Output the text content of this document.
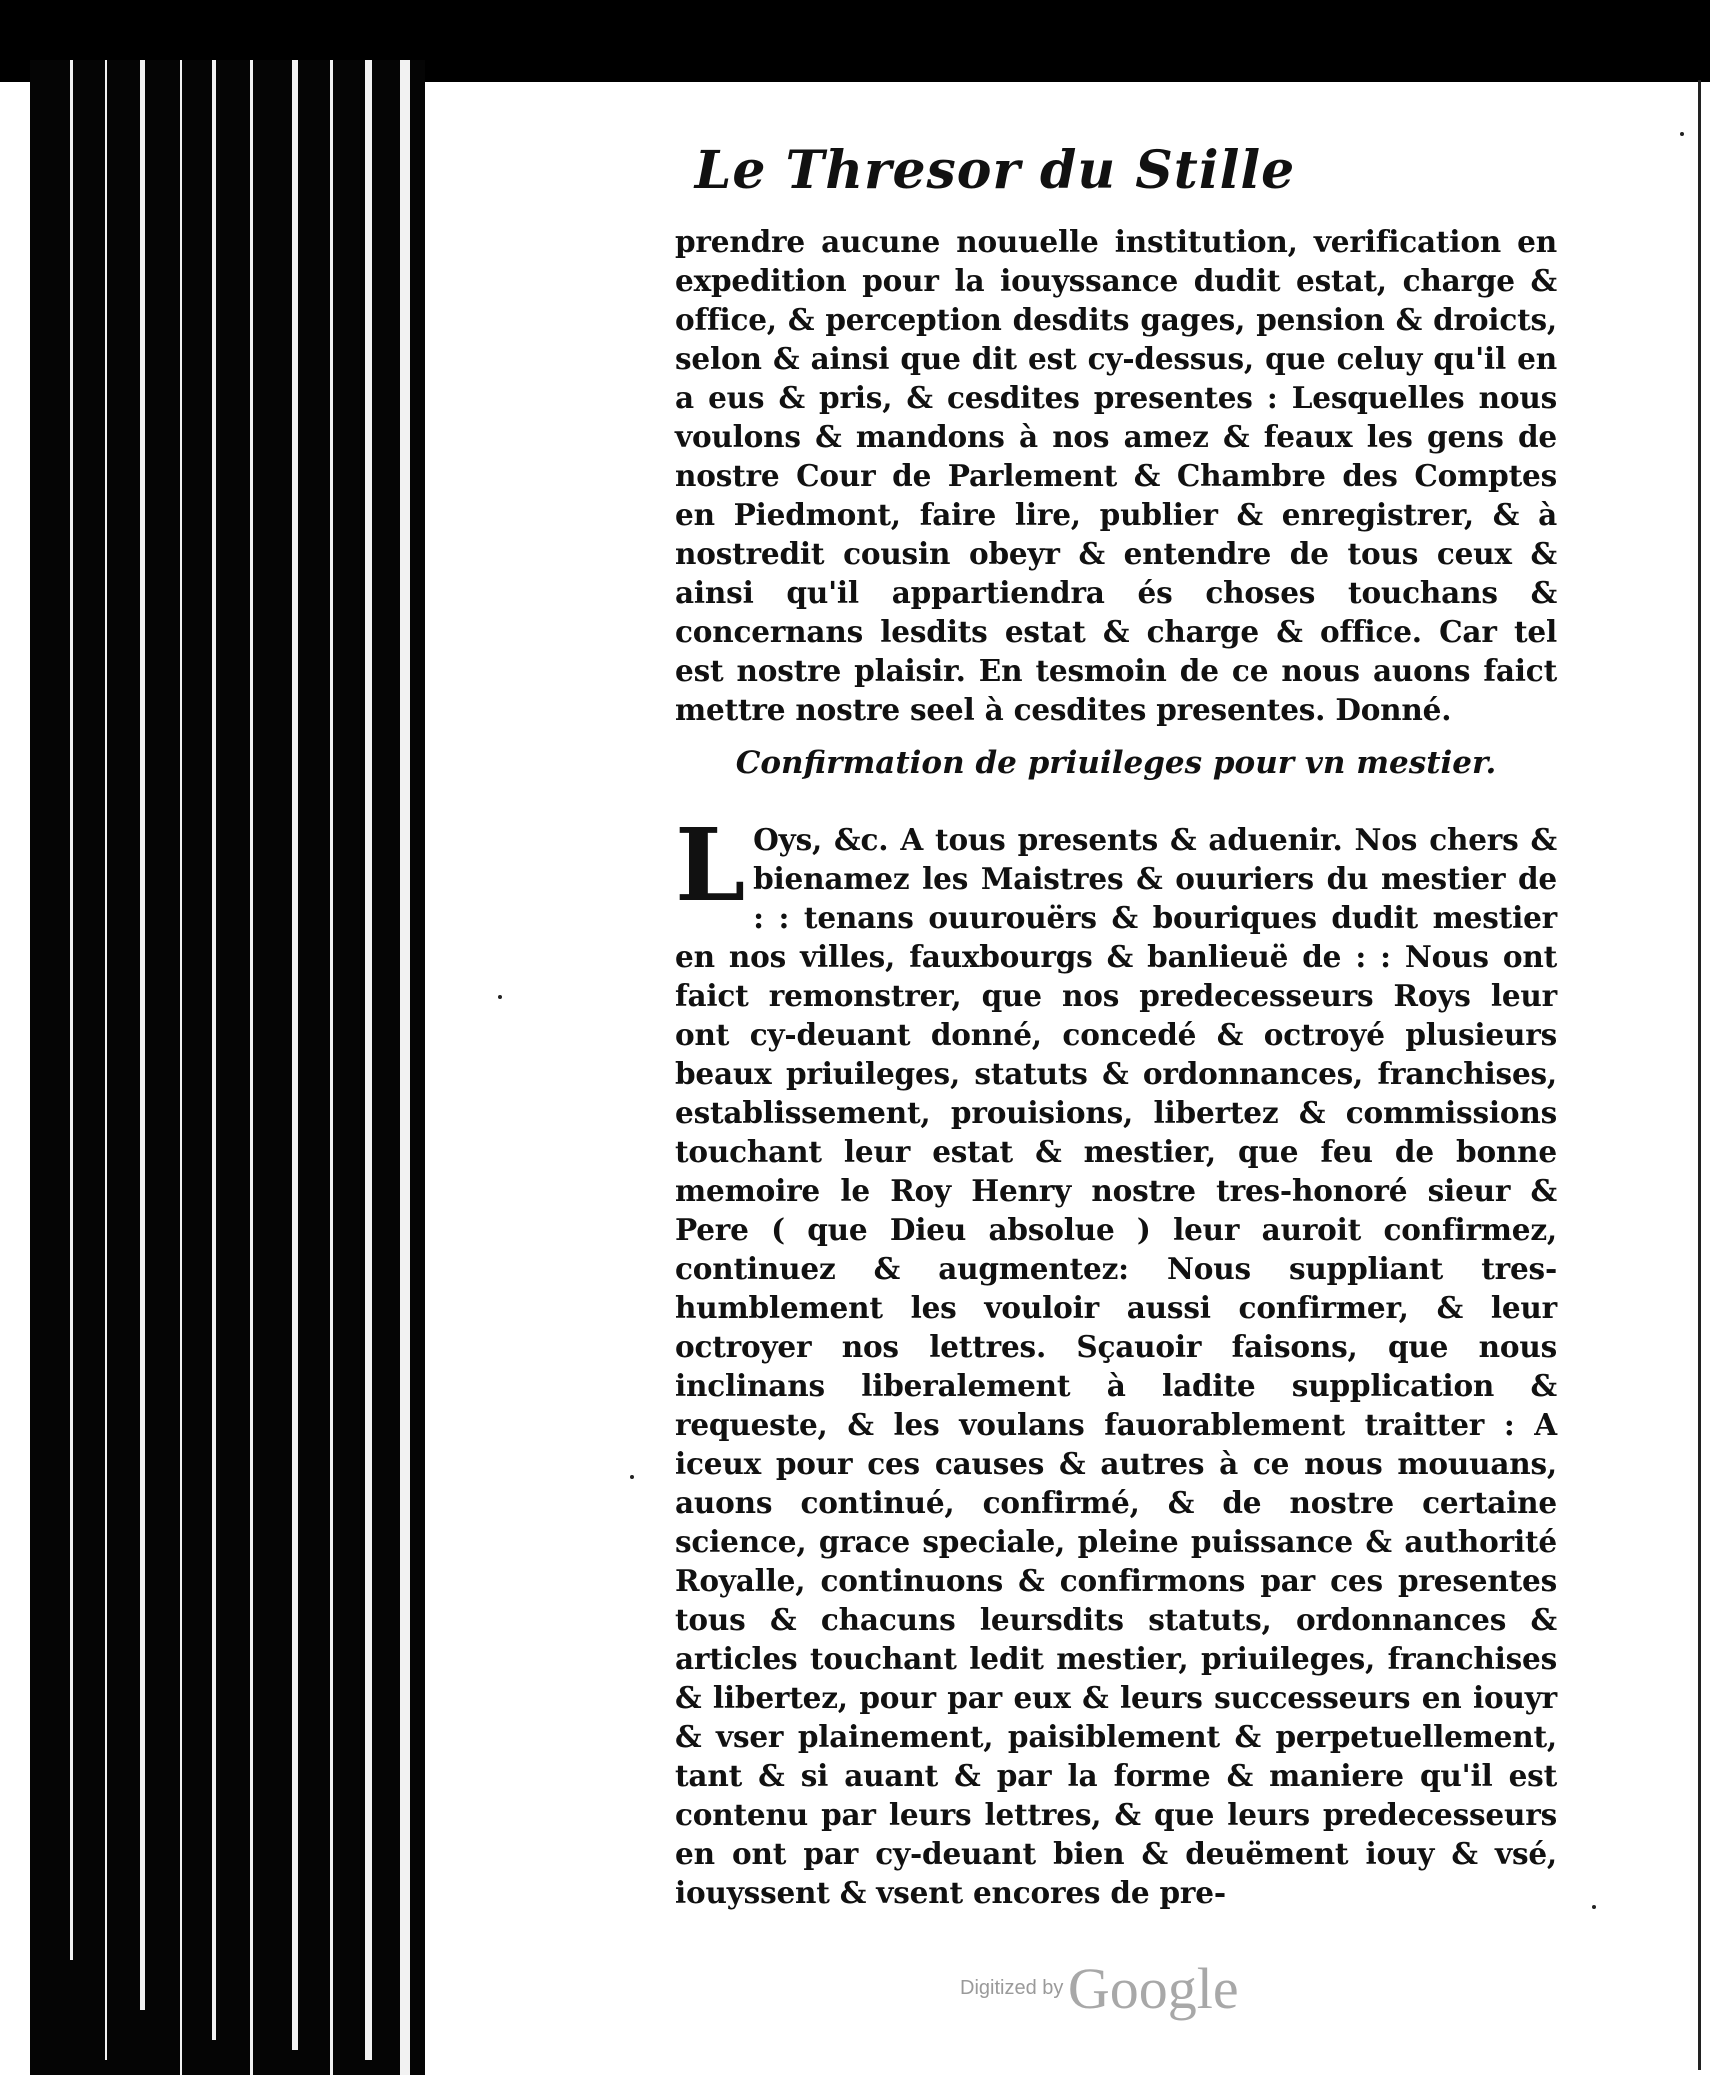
Le Thresor du Stille

prendre aucune nouuelle institution, verification en expedition pour la iouyssance dudit estat, charge & office, & perception desdits gages, pension & droicts, selon & ainsi que dit est cy-dessus, que celuy qu'il en a eus & pris, & cesdites presentes : Lesquelles nous voulons & mandons à nos amez & feaux les gens de nostre Cour de Parlement & Chambre des Comptes en Piedmont, faire lire, publier & enregistrer, & à nostredit cousin obeyr & entendre de tous ceux & ainsi qu'il appartiendra és choses touchans & concernans lesdits estat & charge & office. Car tel est nostre plaisir. En tesmoin de ce nous auons faict mettre nostre seel à cesdites presentes. Donné.

Confirmation de priuileges pour vn mestier.

L Oys, &c. A tous presents & aduenir. Nos chers & bienamez les Maistres & ouuriers du mestier de : : tenans ouurouërs & bouriques dudit mestier en nos villes, fauxbourgs & banlieuë de : : Nous ont faict remonstrer, que nos predecesseurs Roys leur ont cy-deuant donné, concedé & octroyé plusieurs beaux priuileges, statuts & ordonnances, franchises, establissement, prouisions, libertez & commissions touchant leur estat & mestier, que feu de bonne memoire le Roy Henry nostre tres-honoré sieur & Pere ( que Dieu absolue ) leur auroit confirmez, continuez & augmentez: Nous suppliant tres-humblement les vouloir aussi confirmer, & leur octroyer nos lettres. Sçauoir faisons, que nous inclinans liberalement à ladite supplication & requeste, & les voulans fauorablement traitter : A iceux pour ces causes & autres à ce nous mouuans, auons continué, confirmé, & de nostre certaine science, grace speciale, pleine puissance & authorité Royalle, continuons & confirmons par ces presentes tous & chacuns leursdits statuts, ordonnances & articles touchant ledit mestier, priuileges, franchises & libertez, pour par eux & leurs successeurs en iouyr & vser plainement, paisiblement & perpetuellement, tant & si auant & par la forme & maniere qu'il est contenu par leurs lettres, & que leurs predecesseurs en ont par cy-deuant bien & deuëment iouy & vsé, iouyssent & vsent encores de pre-

Digitized by Google
